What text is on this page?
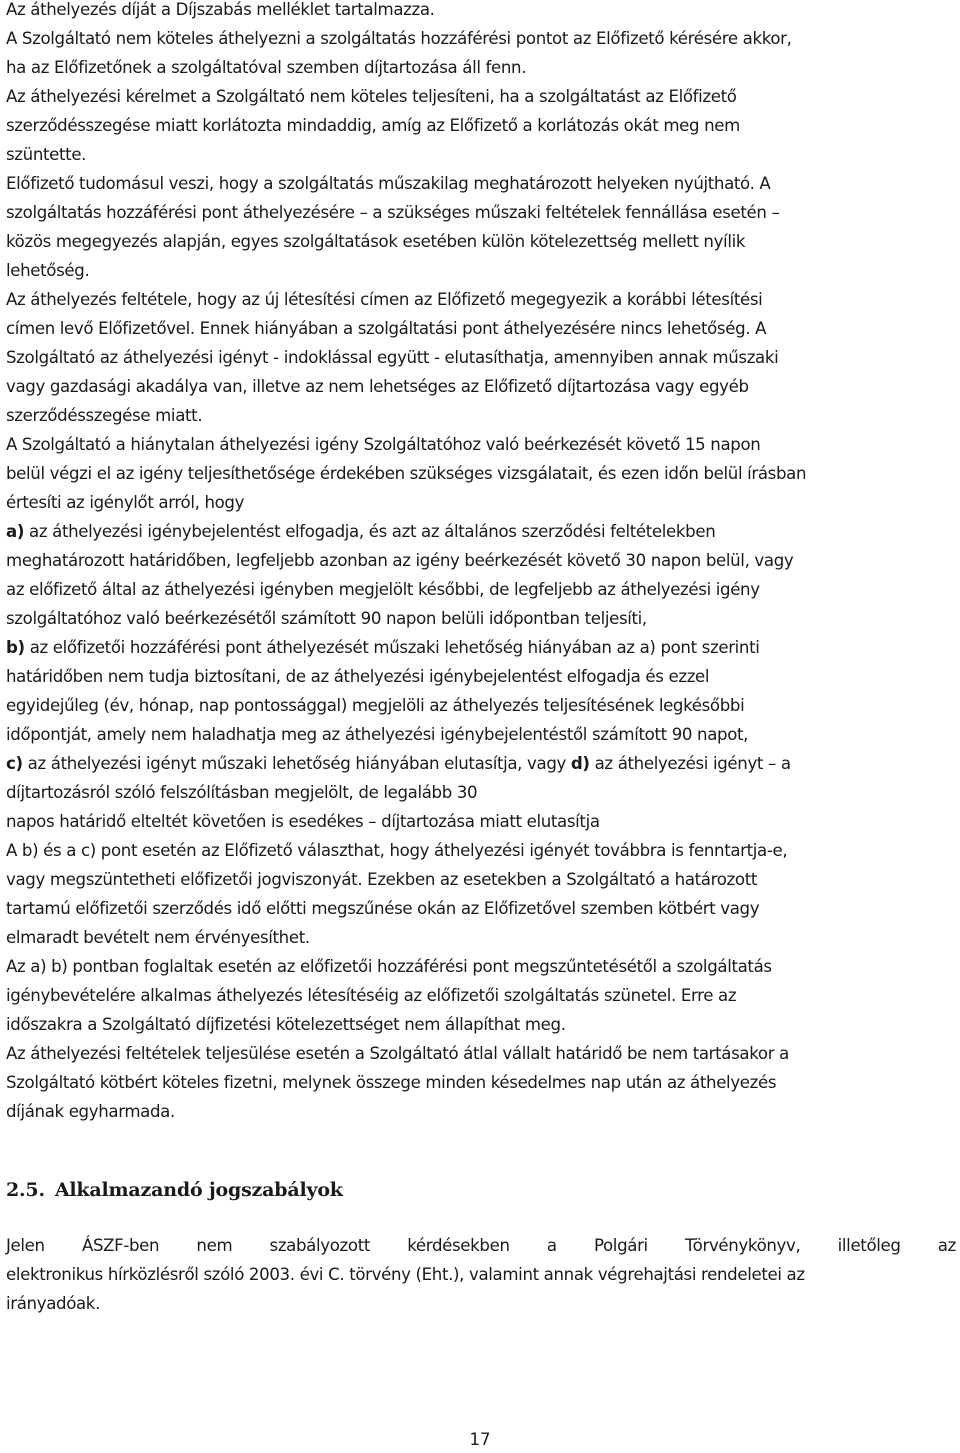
Az áthelyezés díját a Díjszabás melléklet tartalmazza.
A Szolgáltató nem köteles áthelyezni a szolgáltatás hozzáférési pontot az Előfizető kérésére akkor,
ha az Előfizetőnek a szolgáltatóval szemben díjtartozása áll fenn.
Az áthelyezési kérelmet a Szolgáltató nem köteles teljesíteni, ha a szolgáltatást az Előfizető
szerződésszegése miatt korlátozta mindaddig, amíg az Előfizető a korlátozás okát meg nem
szüntette.
Előfizető tudomásul veszi, hogy a szolgáltatás műszakilag meghatározott helyeken nyújtható. A
szolgáltatás hozzáférési pont áthelyezésére – a szükséges műszaki feltételek fennállása esetén –
közös megegyezés alapján, egyes szolgáltatások esetében külön kötelezettség mellett nyílik
lehetőség.
Az áthelyezés feltétele, hogy az új létesítési címen az Előfizető megegyezik a korábbi létesítési
címen levő Előfizetővel. Ennek hiányában a szolgáltatási pont áthelyezésére nincs lehetőség. A
Szolgáltató az áthelyezési igényt - indoklással együtt - elutasíthatja, amennyiben annak műszaki
vagy gazdasági akadálya van, illetve az nem lehetséges az Előfizető díjtartozása vagy egyéb
szerződésszegése miatt.
A Szolgáltató a hiánytalan áthelyezési igény Szolgáltatóhoz való beérkezését követő 15 napon
belül végzi el az igény teljesíthetősége érdekében szükséges vizsgálatait, és ezen időn belül írásban
értesíti az igénylőt arról, hogy
a) az áthelyezési igénybejelentést elfogadja, és azt az általános szerződési feltételekben
meghatározott határidőben, legfeljebb azonban az igény beérkezését követő 30 napon belül, vagy
az előfizető által az áthelyezési igényben megjelölt későbbi, de legfeljebb az áthelyezési igény
szolgáltatóhoz való beérkezésétől számított 90 napon belüli időpontban teljesíti,
b) az előfizetői hozzáférési pont áthelyezését műszaki lehetőség hiányában az a) pont szerinti
határidőben nem tudja biztosítani, de az áthelyezési igénybejelentést elfogadja és ezzel
egyidejűleg (év, hónap, nap pontossággal) megjelöli az áthelyezés teljesítésének legkésőbbi
időpontját, amely nem haladhatja meg az áthelyezési igénybejelentéstől számított 90 napot,
c) az áthelyezési igényt műszaki lehetőség hiányában elutasítja, vagy d) az áthelyezési igényt – a
díjtartozásról szóló felszólításban megjelölt, de legalább 30
napos határidő elteltét követően is esedékes – díjtartozása miatt elutasítja
A b) és a c) pont esetén az Előfizető választhat, hogy áthelyezési igényét továbbra is fenntartja-e,
vagy megszüntetheti előfizetői jogviszonyát. Ezekben az esetekben a Szolgáltató a határozott
tartamú előfizetői szerződés idő előtti megszűnése okán az Előfizetővel szemben kötbért vagy
elmaradt bevételt nem érvényesíthet.
Az a) b) pontban foglaltak esetén az előfizetői hozzáférési pont megszűntetésétől a szolgáltatás
igénybevételére alkalmas áthelyezés létesítéséig az előfizetői szolgáltatás szünetel. Erre az
időszakra a Szolgáltató díjfizetési kötelezettséget nem állapíthat meg.
Az áthelyezési feltételek teljesülése esetén a Szolgáltató átlal vállalt határidő be nem tartásakor a
Szolgáltató kötbért köteles fizetni, melynek összege minden késedelmes nap után az áthelyezés
díjának egyharmada.
2.5. Alkalmazandó jogszabályok
Jelen ÁSZF-ben nem szabályozott kérdésekben a Polgári Törvénykönyv, illetőleg az
elektronikus hírközlésről szóló 2003. évi C. törvény (Eht.), valamint annak végrehajtási rendeletei az
irányadóak.
17
